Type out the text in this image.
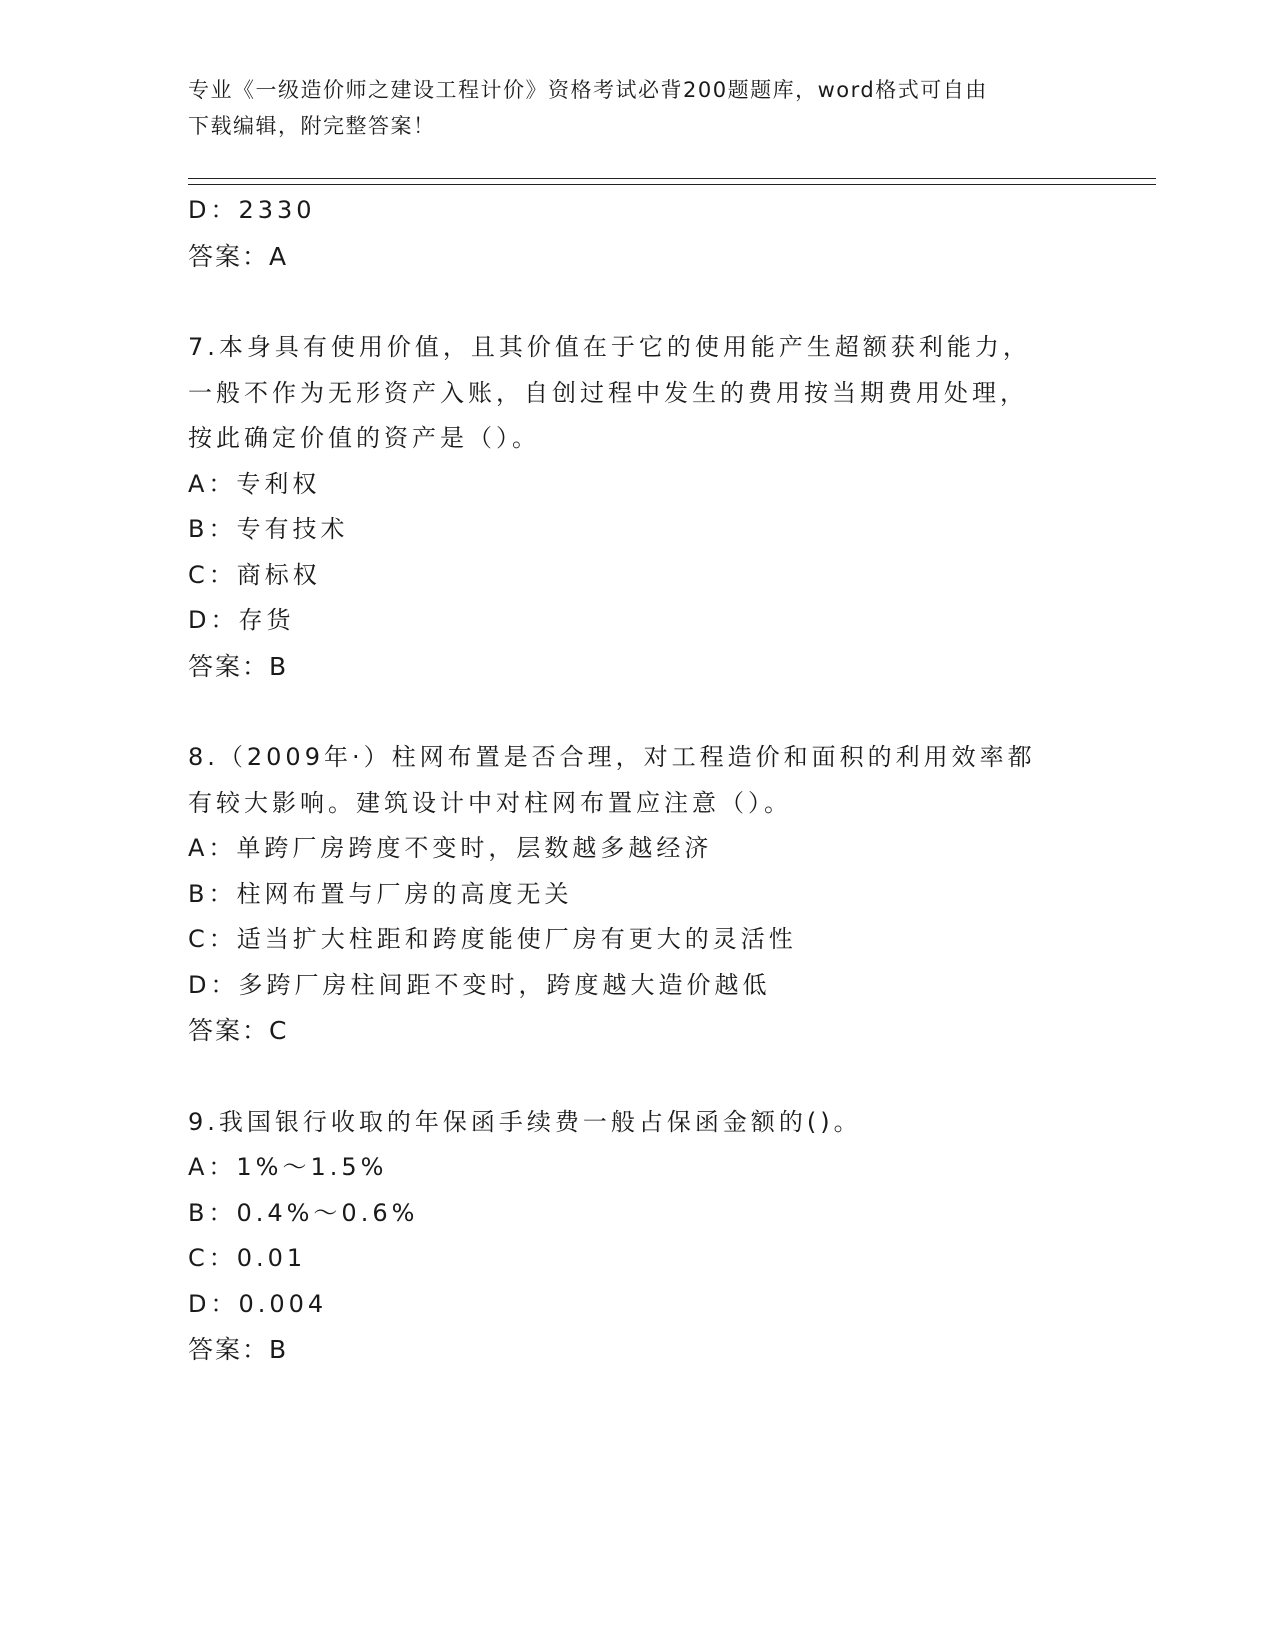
专业《一级造价师之建设工程计价》资格考试必背200题题库，word格式可自由
下载编辑，附完整答案！
D：2330
答案：A
7.本身具有使用价值，且其价值在于它的使用能产生超额获利能力，
一般不作为无形资产入账，自创过程中发生的费用按当期费用处理，
按此确定价值的资产是（）。
A：专利权
B：专有技术
C：商标权
D：存货
答案：B
8.（2009年·）柱网布置是否合理，对工程造价和面积的利用效率都
有较大影响。建筑设计中对柱网布置应注意（）。
A：单跨厂房跨度不变时，层数越多越经济
B：柱网布置与厂房的高度无关
C：适当扩大柱距和跨度能使厂房有更大的灵活性
D：多跨厂房柱间距不变时，跨度越大造价越低
答案：C
9.我国银行收取的年保函手续费一般占保函金额的()。
A：1%～1.5%
B：0.4%～0.6%
C：0.01
D：0.004
答案：B
